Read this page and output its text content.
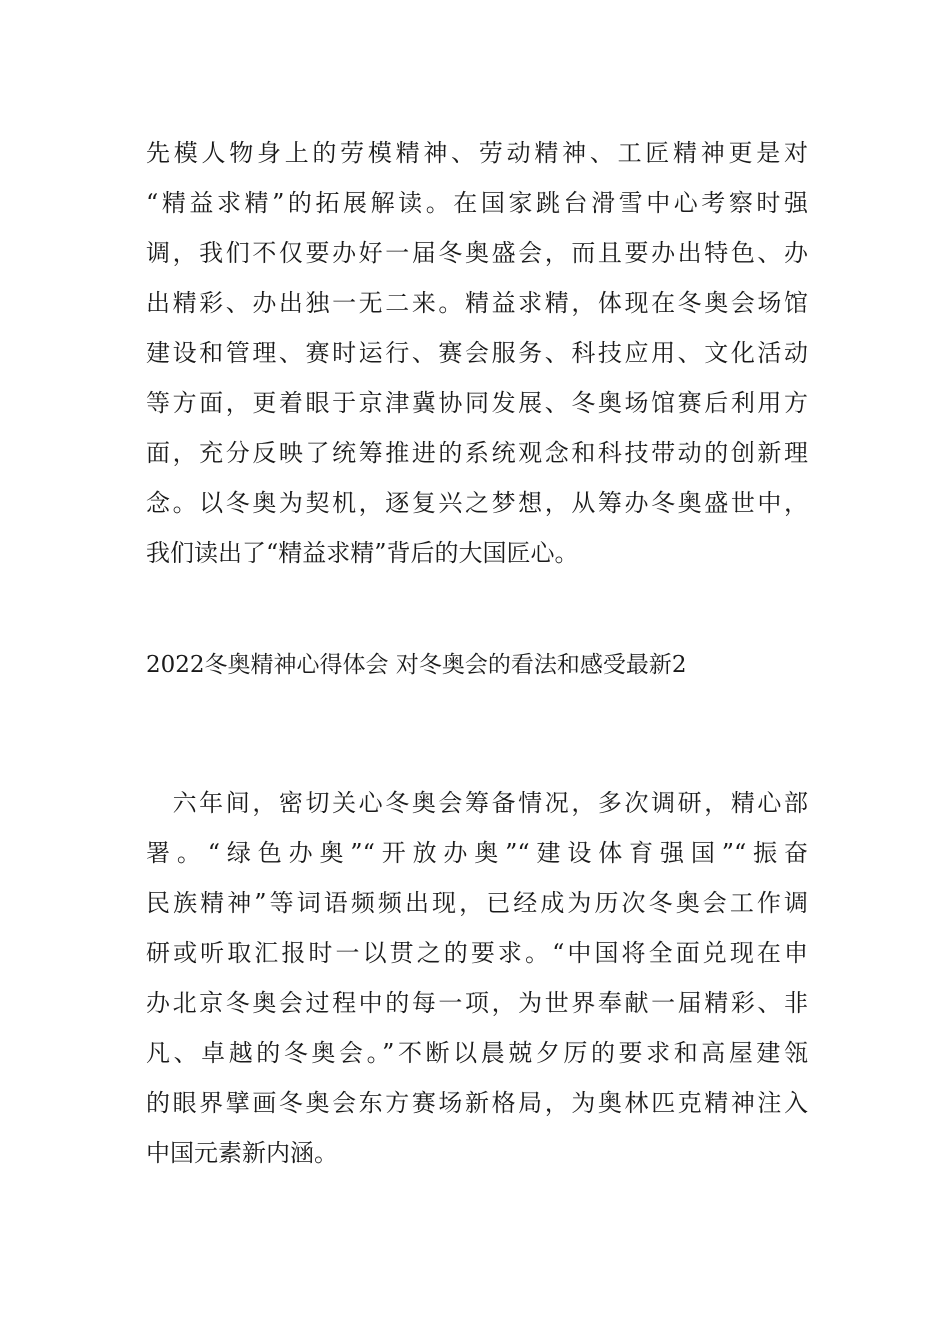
先模人物身上的劳模精神、劳动精神、工匠精神更是对
“精益求精”的拓展解读。在国家跳台滑雪中心考察时强
调，我们不仅要办好一届冬奥盛会，而且要办出特色、办
出精彩、办出独一无二来。精益求精，体现在冬奥会场馆
建设和管理、赛时运行、赛会服务、科技应用、文化活动
等方面，更着眼于京津冀协同发展、冬奥场馆赛后利用方
面，充分反映了统筹推进的系统观念和科技带动的创新理
念。以冬奥为契机，逐复兴之梦想，从筹办冬奥盛世中，
我们读出了“精益求精”背后的大国匠心。
2022冬奥精神心得体会 对冬奥会的看法和感受最新2
　六年间，密切关心冬奥会筹备情况，多次调研，精心部
署。“绿色办奥”“开放办奥”“建设体育强国”“振奋
民族精神”等词语频频出现，已经成为历次冬奥会工作调
研或听取汇报时一以贯之的要求。“中国将全面兑现在申
办北京冬奥会过程中的每一项，为世界奉献一届精彩、非
凡、卓越的冬奥会。”不断以晨兢夕厉的要求和高屋建瓴
的眼界擘画冬奥会东方赛场新格局，为奥林匹克精神注入
中国元素新内涵。
